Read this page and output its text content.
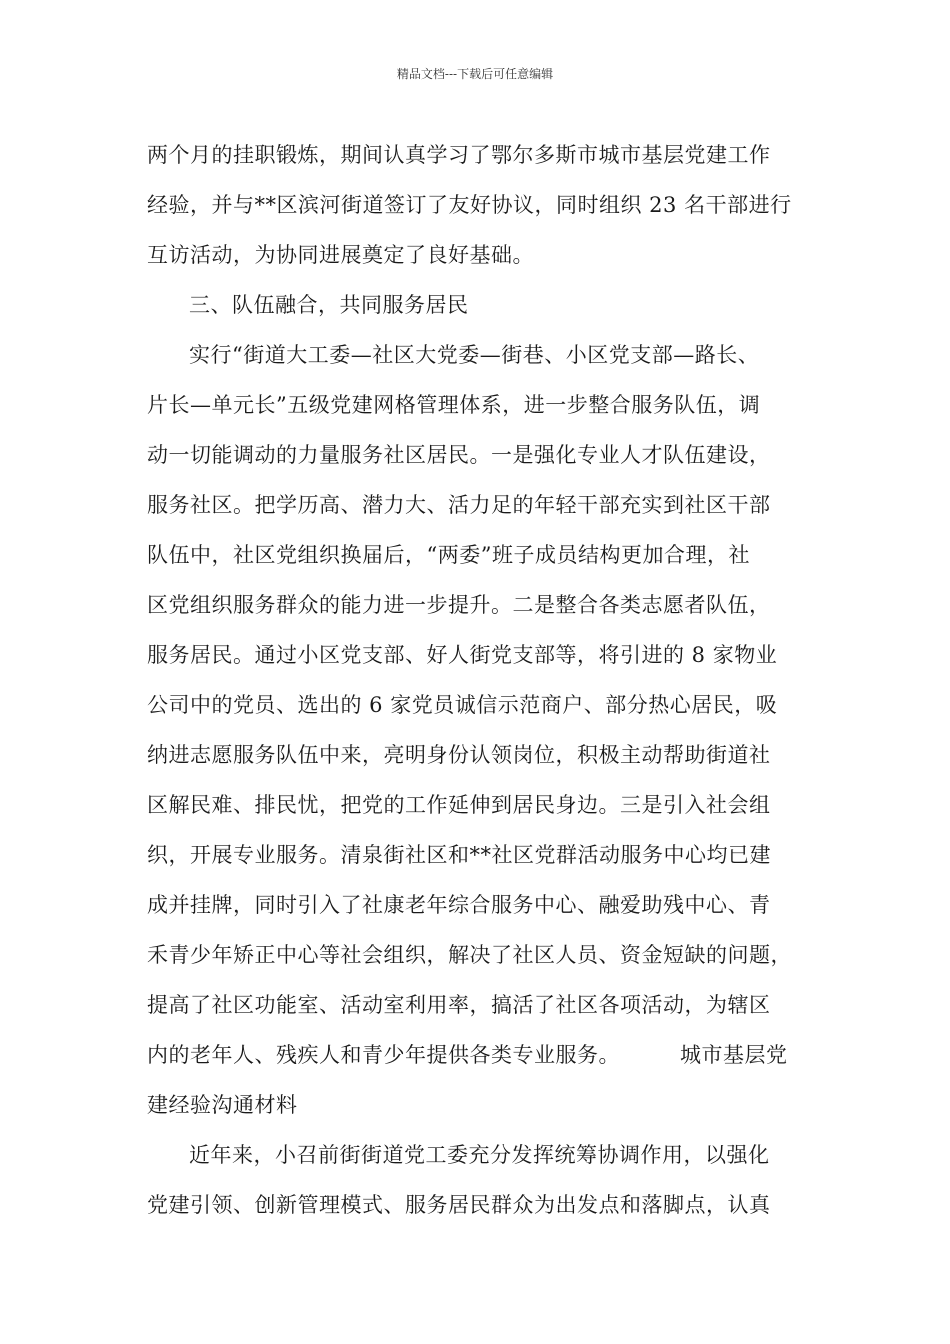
精品文档---下载后可任意编辑
两个月的挂职锻炼，期间认真学习了鄂尔多斯市城市基层党建工作
经验，并与**区滨河街道签订了友好协议，同时组织 23 名干部进行
互访活动，为协同进展奠定了良好基础。
三、队伍融合，共同服务居民
实行“街道大工委—社区大党委—街巷、小区党支部—路长、
片长—单元长”五级党建网格管理体系，进一步整合服务队伍，调
动一切能调动的力量服务社区居民。一是强化专业人才队伍建设，
服务社区。把学历高、潜力大、活力足的年轻干部充实到社区干部
队伍中，社区党组织换届后，“两委”班子成员结构更加合理，社
区党组织服务群众的能力进一步提升。二是整合各类志愿者队伍，
服务居民。通过小区党支部、好人街党支部等，将引进的 8 家物业
公司中的党员、选出的 6 家党员诚信示范商户、部分热心居民，吸
纳进志愿服务队伍中来，亮明身份认领岗位，积极主动帮助街道社
区解民难、排民忧，把党的工作延伸到居民身边。三是引入社会组
织，开展专业服务。清泉街社区和**社区党群活动服务中心均已建
成并挂牌，同时引入了社康老年综合服务中心、融爱助残中心、青
禾青少年矫正中心等社会组织，解决了社区人员、资金短缺的问题，
提高了社区功能室、活动室利用率，搞活了社区各项活动，为辖区
内的老年人、残疾人和青少年提供各类专业服务。	城市基层党
建经验沟通材料
近年来，小召前街街道党工委充分发挥统筹协调作用，以强化
党建引领、创新管理模式、服务居民群众为出发点和落脚点，认真
